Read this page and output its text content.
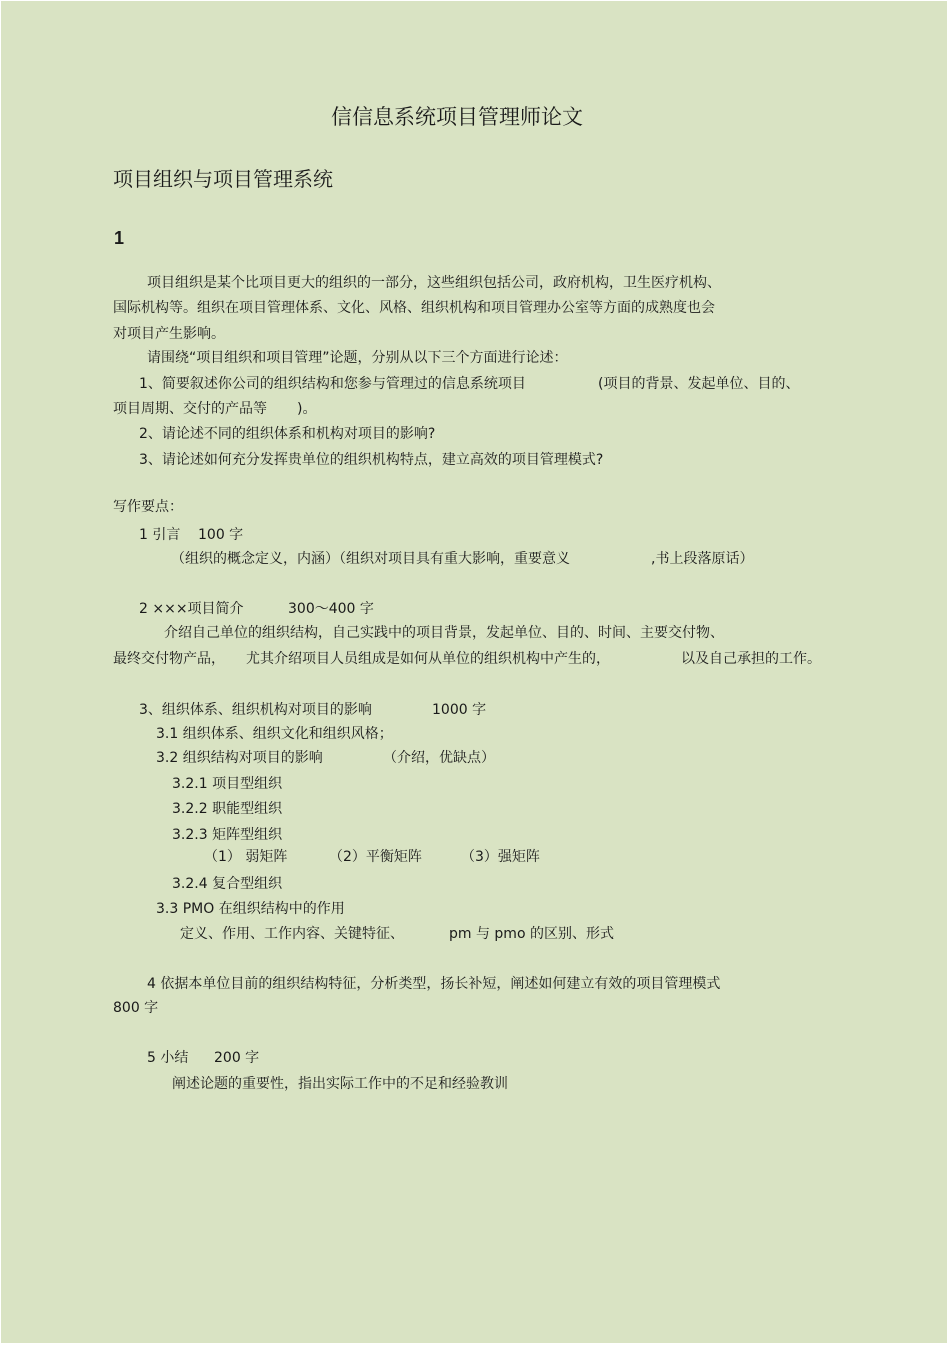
信信息系统项目管理师论文
项目组织与项目管理系统
1
项目组织是某个比项目更大的组织的一部分，这些组织包括公司，政府机构，卫生医疗机构、
国际机构等。组织在项目管理体系、文化、风格、组织机构和项目管理办公室等方面的成熟度也会
对项目产生影响。
请围绕“项目组织和项目管理”论题，分别从以下三个方面进行论述：
1、简要叙述你公司的组织结构和您参与管理过的信息系统项目	(项目的背景、发起单位、目的、
项目周期、交付的产品等 )。
2、请论述不同的组织体系和机构对项目的影响?
3、请论述如何充分发挥贵单位的组织机构特点，建立高效的项目管理模式?
写作要点：
1 引言 100 字
（组织的概念定义，内涵）（组织对项目具有重大影响，重要意义	,书上段落原话）
2 ×××项目简介	300～400 字
介绍自己单位的组织结构，自己实践中的项目背景，发起单位、目的、时间、主要交付物、
最终交付物产品， 尤其介绍项目人员组成是如何从单位的组织机构中产生的，	以及自己承担的工作。
3、组织体系、组织机构对项目的影响	1000 字
3.1 组织体系、组织文化和组织风格；
3.2 组织结构对项目的影响	（介绍，优缺点）
3.2.1 项目型组织
3.2.2 职能型组织
3.2.3 矩阵型组织
（1） 弱矩阵	（2）平衡矩阵	（3）强矩阵
3.2.4 复合型组织
3.3 PMO 在组织结构中的作用
定义、作用、工作内容、关键特征、	pm 与 pmo 的区别、形式
4 依据本单位目前的组织结构特征，分析类型，扬长补短，阐述如何建立有效的项目管理模式
800 字
5 小结 200 字
阐述论题的重要性，指出实际工作中的不足和经验教训
